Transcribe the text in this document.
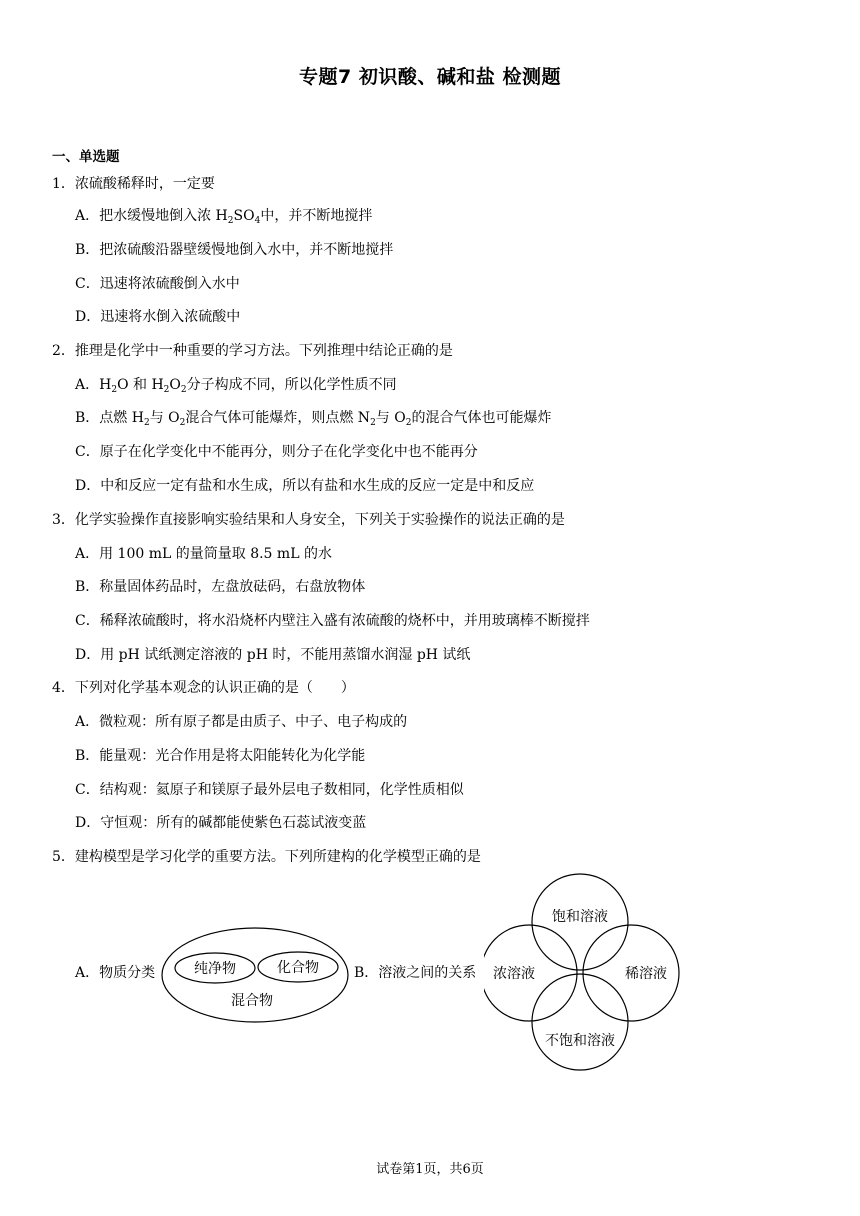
专题7 初识酸、碱和盐 检测题
一、单选题
1．浓硫酸稀释时，一定要
A．把水缓慢地倒入浓 $H_2SO_4$中，并不断地搅拌
B．把浓硫酸沿器壁缓慢地倒入水中，并不断地搅拌
C．迅速将浓硫酸倒入水中
D．迅速将水倒入浓硫酸中
2．推理是化学中一种重要的学习方法。下列推理中结论正确的是
A．$H_2O$ 和 $H_2O_2$分子构成不同，所以化学性质不同
B．点燃 $H_2$与 $O_2$混合气体可能爆炸，则点燃 $N_2$与 $O_2$的混合气体也可能爆炸
C．原子在化学变化中不能再分，则分子在化学变化中也不能再分
D．中和反应一定有盐和水生成，所以有盐和水生成的反应一定是中和反应
3．化学实验操作直接影响实验结果和人身安全，下列关于实验操作的说法正确的是
A．用 100 mL 的量筒量取 8.5 mL 的水
B．称量固体药品时，左盘放砝码，右盘放物体
C．稀释浓硫酸时，将水沿烧杯内壁注入盛有浓硫酸的烧杯中，并用玻璃棒不断搅拌
D．用 pH 试纸测定溶液的 pH 时，不能用蒸馏水润湿 pH 试纸
4．下列对化学基本观念的认识正确的是（　　）
A．微粒观：所有原子都是由质子、中子、电子构成的
B．能量观：光合作用是将太阳能转化为化学能
C．结构观：氦原子和镁原子最外层电子数相同，化学性质相似
D．守恒观：所有的碱都能使紫色石蕊试液变蓝
5．建构模型是学习化学的重要方法。下列所建构的化学模型正确的是
A．物质分类	纯净物	化合物
混合物
B．溶液之间的关系
饱和溶液
浓溶液	稀溶液
不饱和溶液
试卷第1页，共6页
